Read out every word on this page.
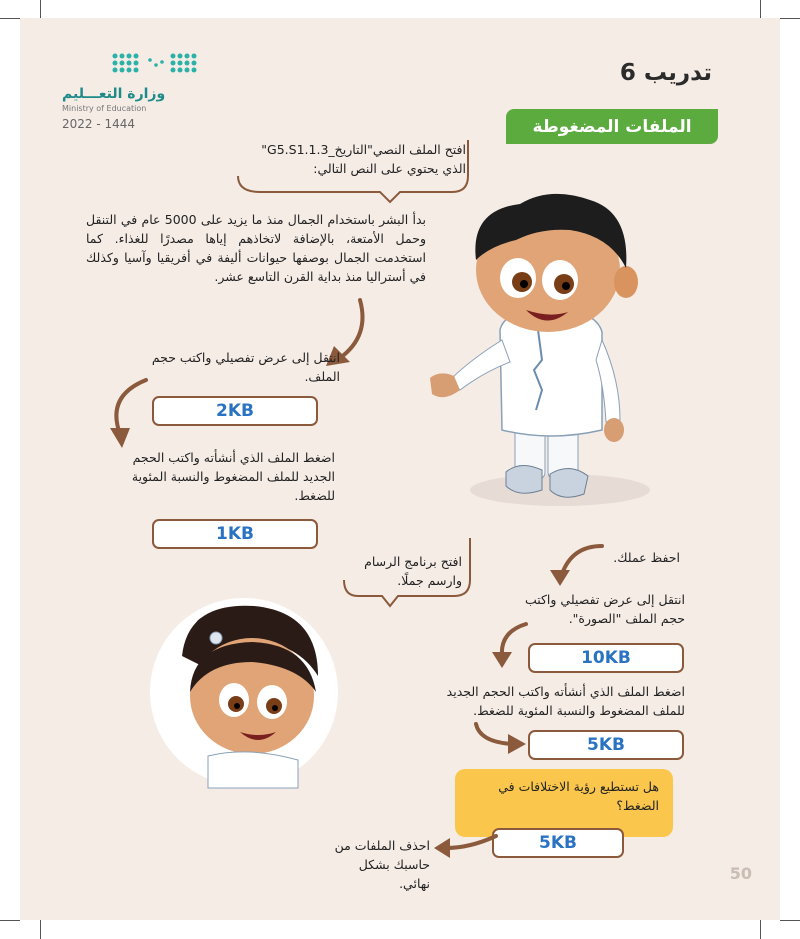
وزارة التعـــليم
Ministry of Education
2022 - 1444
تدريب 6
الملفات المضغوطة
افتح الملف النصي"التاريخ_G5.S1.1.3" الذي يحتوي على النص التالي:
بدأ البشر باستخدام الجمال منذ ما يزيد على 5000 عام في التنقل وحمل الأمتعة، بالإضافة لاتخاذهم إياها مصدرًا للغذاء. كما استخدمت الجمال بوصفها حيوانات أليفة في أفريقيا وآسيا وكذلك في أستراليا منذ بداية القرن التاسع عشر.
انتقل إلى عرض تفصيلي واكتب حجم الملف.
2KB
اضغط الملف الذي أنشأته واكتب الحجم الجديد للملف المضغوط والنسبة المئوية للضغط.
1KB
افتح برنامج الرسام وارسم جملًا.
احفظ عملك.
انتقل إلى عرض تفصيلي واكتب حجم الملف "الصورة".
10KB
اضغط الملف الذي أنشأته واكتب الحجم الجديد للملف المضغوط والنسبة المئوية للضغط.
5KB
هل تستطيع رؤية الاختلافات في الضغط؟
5KB
احذف الملفات من حاسبك بشكل نهائي.
50
